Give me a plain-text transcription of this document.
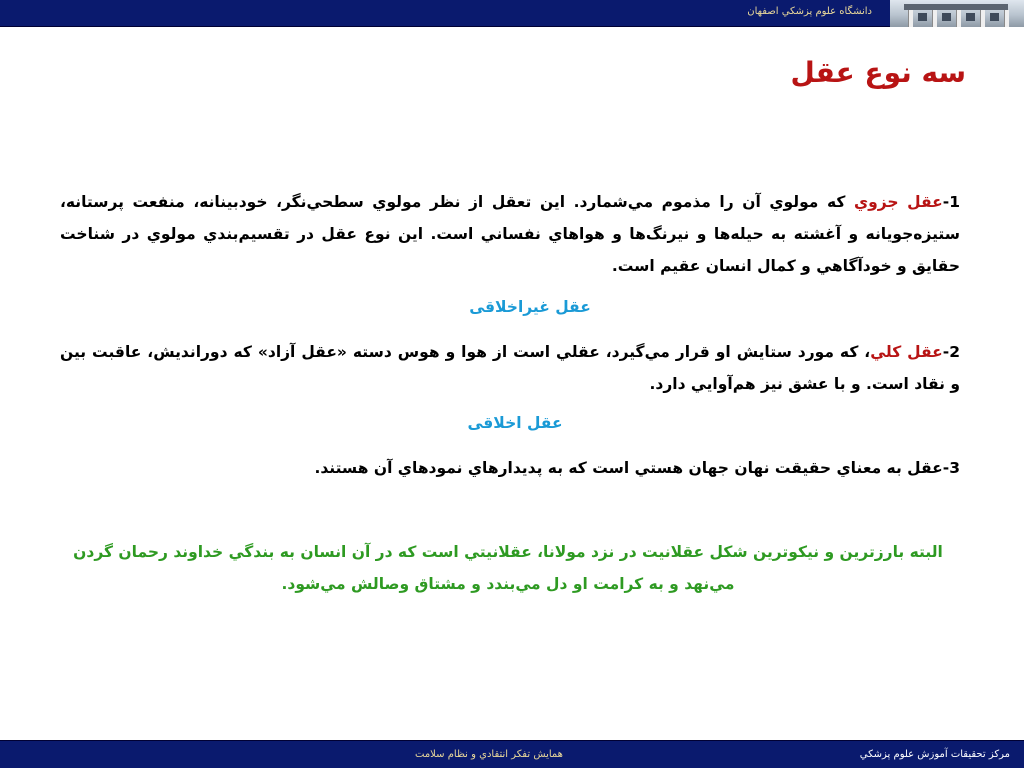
دانشگاه علوم پزشكي اصفهان
سه نوع عقل
1-عقل جزوي كه مولوي آن را مذموم مي‌شمارد. اين تعقل از نظر مولوي سطحي‌نگر، خودبينانه، منفعت پرستانه، ستيزه‌جويانه و آغشته به حيله‌ها و نيرنگ‌ها و هواهاي نفساني است. اين نوع عقل در تقسيم‌بندي مولوي در شناخت حقايق و خودآگاهي و كمال انسان عقيم است.
عقل غيراخلاقی
2-عقل كلي، كه مورد ستايش او قرار مي‌گيرد، عقلي است از هوا و هوس دسته «عقل آزاد» كه دوراندیش، عاقبت بين و نقاد است. و با عشق نيز هم‌آوايي دارد.
عقل اخلاقی
3-عقل به معناي حقيقت نهان جهان هستي است كه به پديدارهاي نمودهاي آن هستند.
البته بارزترين و نيكوترين شكل عقلانيت در نزد مولانا، عقلانيتي است كه در آن انسان به بندگي خداوند رحمان گردن مي‌نهد و به كرامت او دل مي‌بندد و مشتاق وصالش مي‌شود.
همايش تفكر انتقادي و نظام سلامت	مركز تحقيقات آموزش علوم پزشكي
